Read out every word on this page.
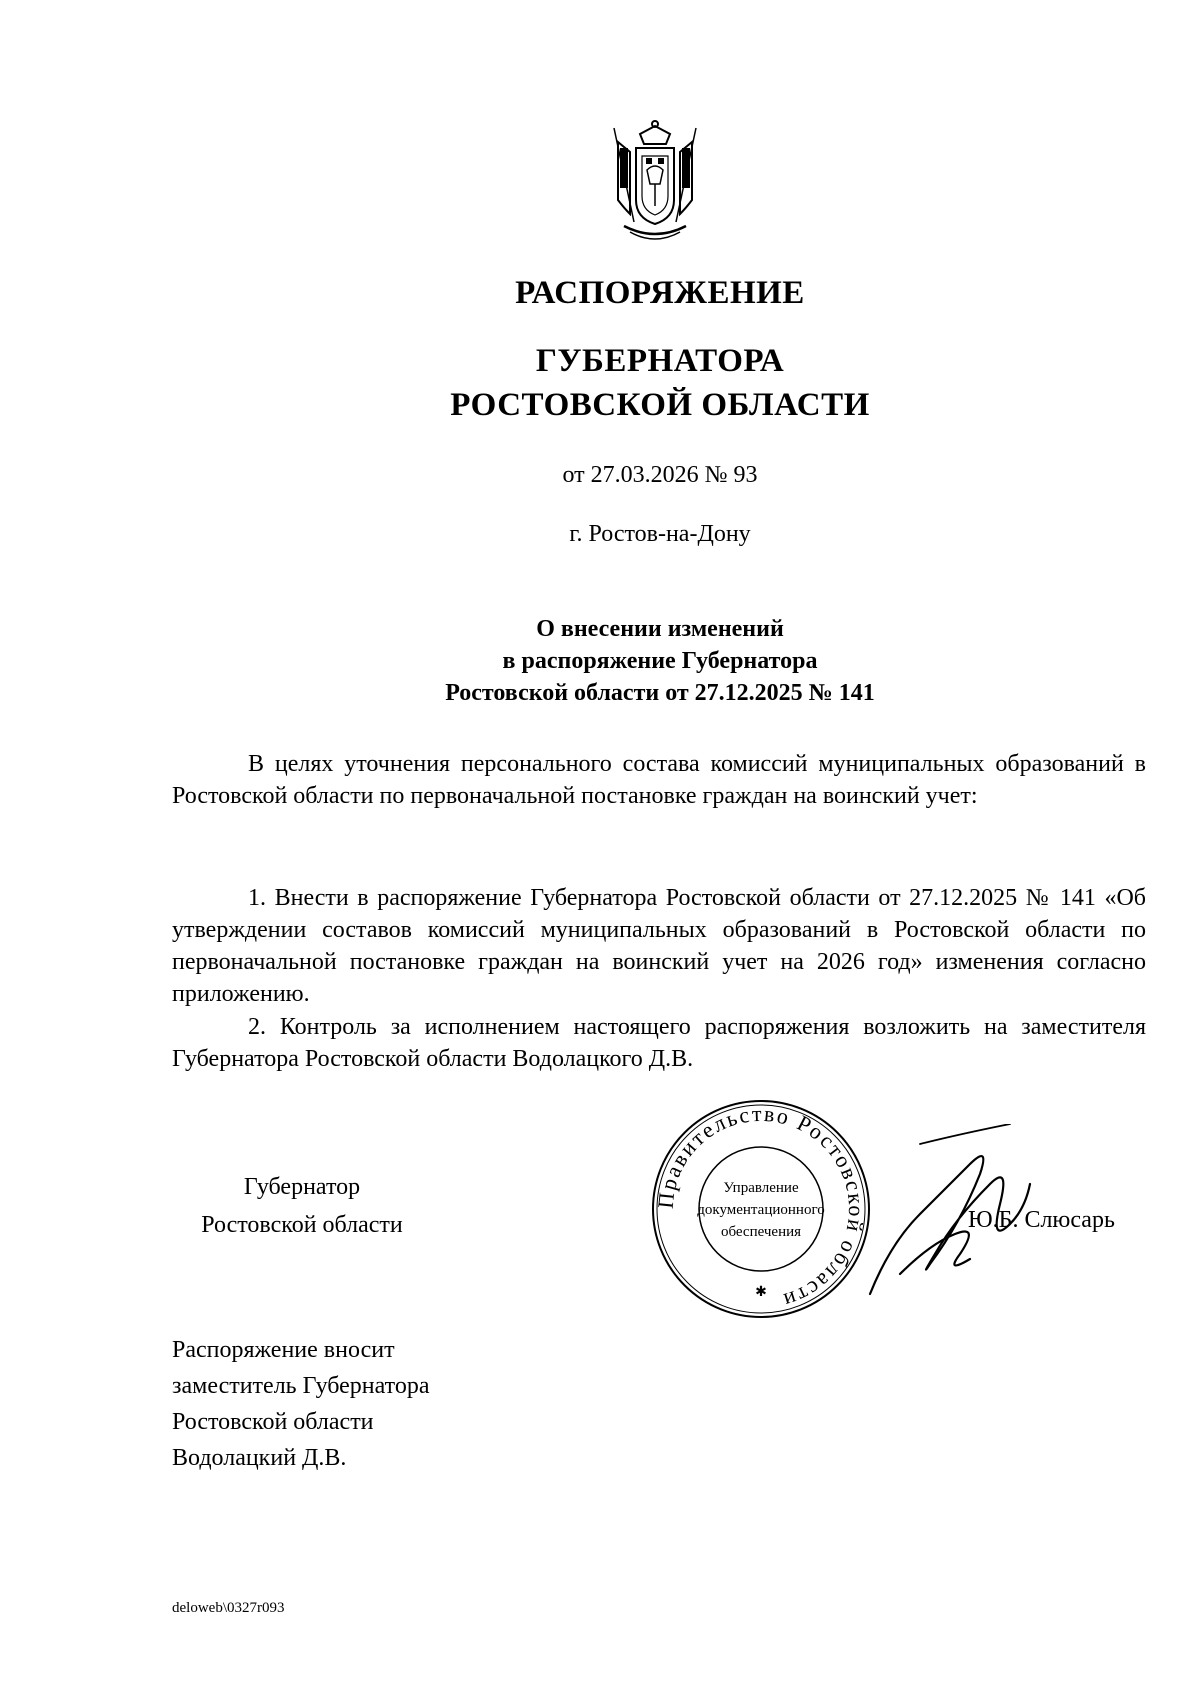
РАСПОРЯЖЕНИЕ
ГУБЕРНАТОРА
РОСТОВСКОЙ ОБЛАСТИ
от 27.03.2026 № 93
г. Ростов-на-Дону
О внесении изменений
в распоряжение Губернатора
Ростовской области от 27.12.2025 № 141

В целях уточнения персонального состава комиссий муниципальных образований в Ростовской области по первоначальной постановке граждан на воинский учет:

1. Внести в распоряжение Губернатора Ростовской области от 27.12.2025 № 141 «Об утверждении составов комиссий муниципальных образований в Ростовской области по первоначальной постановке граждан на воинский учет на 2026 год» изменения согласно приложению.

2. Контроль за исполнением настоящего распоряжения возложить на заместителя Губернатора Ростовской области Водолацкого Д.В.

Губернатор
Ростовской области
Правительство Ростовской области
Управление
документационного
обеспечения
✱
Ю.Б. Слюсарь
Распоряжение вносит
заместитель Губернатора
Ростовской области
Водолацкий Д.В.
deloweb\0327r093
